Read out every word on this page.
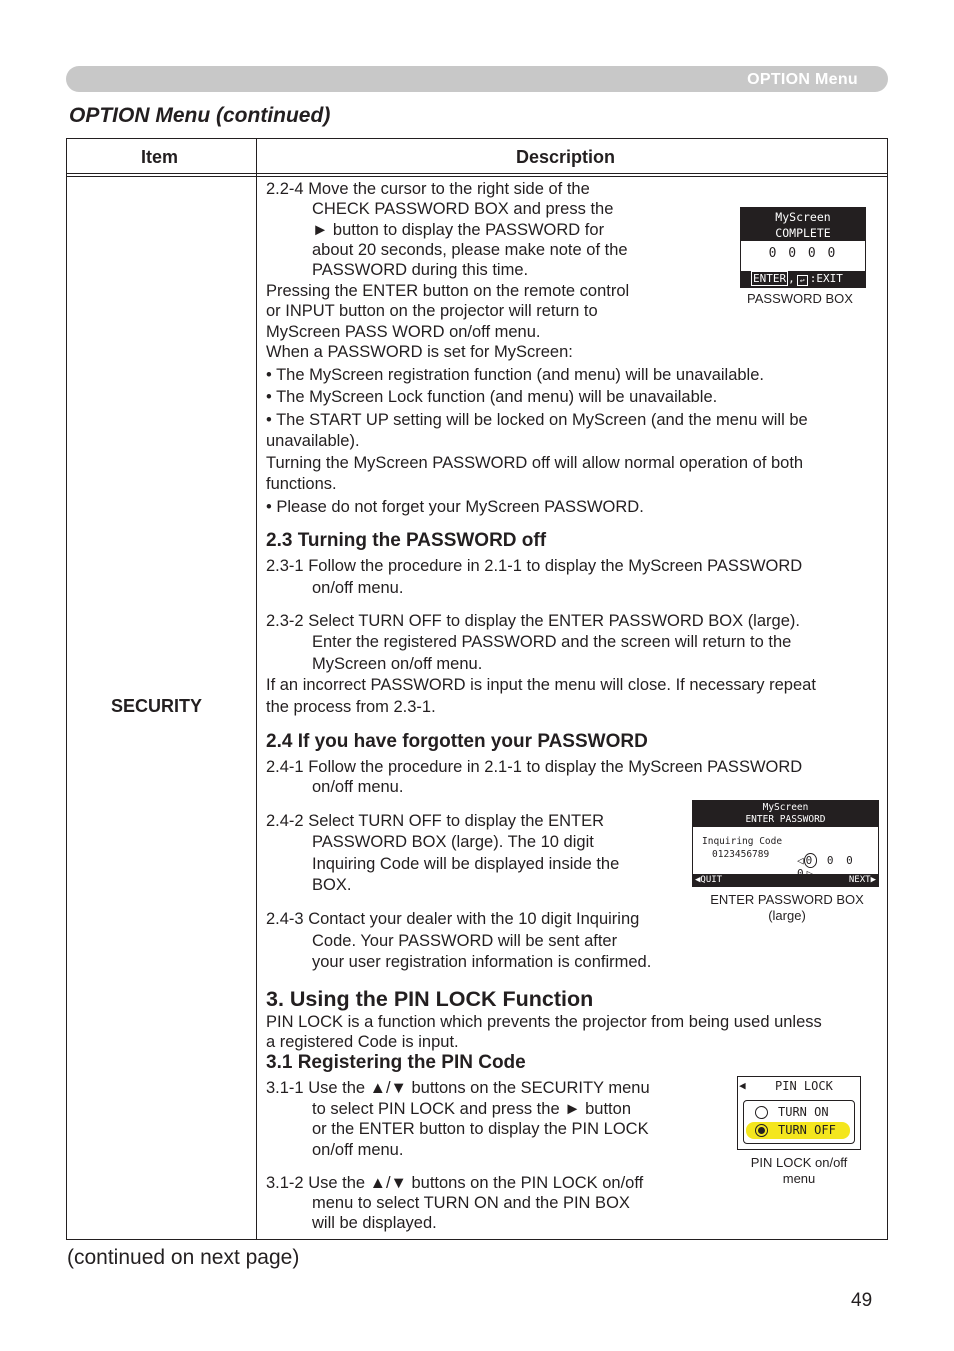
OPTION Menu
OPTION Menu (continued)
Item	Description
SECURITY
2.2-4 Move the cursor to the right side of the
CHECK PASSWORD BOX and press the
► button to display the PASSWORD for
about 20 seconds, please make note of the
PASSWORD during this time.
Pressing the ENTER button on the remote control
or INPUT button on the projector will return to
MyScreen PASS WORD on/off menu.
When a PASSWORD is set for MyScreen:
• The MyScreen registration function (and menu) will be unavailable.
• The MyScreen Lock function (and menu) will be unavailable.
• The START UP setting will be locked on MyScreen (and the menu will be
unavailable).
Turning the MyScreen PASSWORD off will allow normal operation of both
functions.
• Please do not forget your MyScreen PASSWORD.
2.3 Turning the PASSWORD off
2.3-1 Follow the procedure in 2.1-1 to display the MyScreen PASSWORD
on/off menu.
2.3-2 Select TURN OFF to display the ENTER PASSWORD BOX (large).
Enter the registered PASSWORD and the screen will return to the
MyScreen on/off menu.
If an incorrect PASSWORD is input the menu will close. If necessary repeat
the process from 2.3-1.
2.4 If you have forgotten your PASSWORD
2.4-1 Follow the procedure in 2.1-1 to display the MyScreen PASSWORD
on/off menu.
2.4-2 Select TURN OFF to display the ENTER
PASSWORD BOX (large). The 10 digit
Inquiring Code will be displayed inside the
BOX.
2.4-3 Contact your dealer with the 10 digit Inquiring
Code. Your PASSWORD will be sent after
your user registration information is confirmed.
3. Using the PIN LOCK Function
PIN LOCK is a function which prevents the projector from being used unless
a registered Code is input.
3.1 Registering the PIN Code
3.1-1 Use the ▲/▼ buttons on the SECURITY menu
to select PIN LOCK and press the ► button
or the ENTER button to display the PIN LOCK
on/off menu.
3.1-2 Use the ▲/▼ buttons on the PIN LOCK on/off
menu to select TURN ON and the PIN BOX
will be displayed.
MyScreen
COMPLETE
0 0 0 0
ENTER , ↩ :EXIT
PASSWORD BOX
MyScreen
ENTER PASSWORD
Inquiring Code
0123456789	◁ 0 0 0
◀QUIT	NEXT▶
ENTER PASSWORD BOX
(large)
◀ PIN LOCK
TURN ON
TURN OFF
PIN LOCK on/off
menu
(continued on next page)
49
